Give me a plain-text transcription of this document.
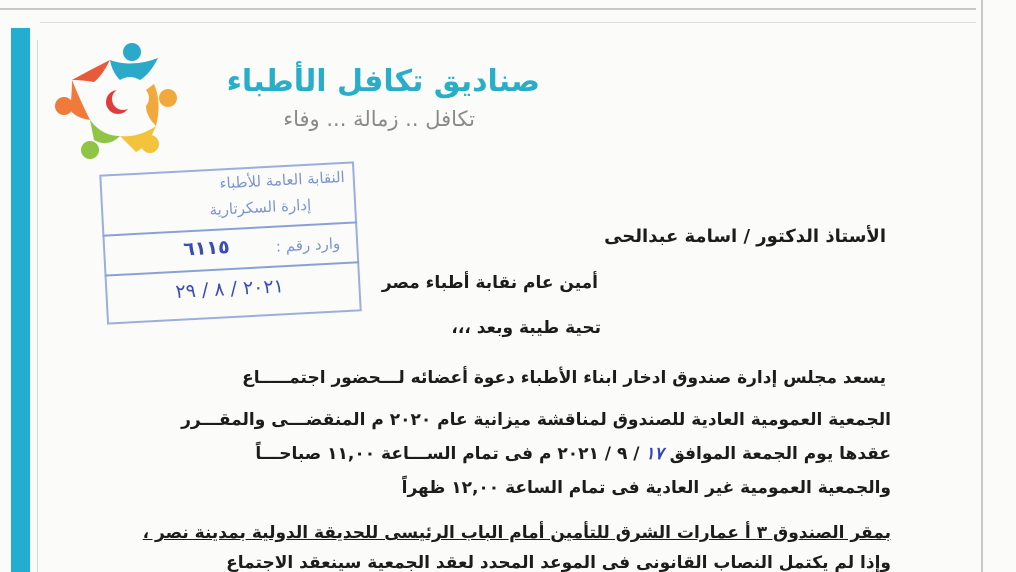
صناديق تكافل الأطباء
تكافل .. زمالة ... وفاء
النقابة العامة للأطباء
إدارة السكرتارية
وارد رقم :
٦١١٥
٢٠٢١ / ٨ / ٢٩
الأستاذ الدكتور / اسامة عبدالحى
أمين عام نقابة أطباء مصر
تحية طيبة وبعد ،،،
يسعد مجلس إدارة صندوق ادخار ابناء الأطباء دعوة أعضائه لـــحضور اجتمـــــاع
الجمعية العمومية العادية للصندوق لمناقشة ميزانية عام ٢٠٢٠ م المنقضـــى والمقـــرر
عقدها يوم الجمعة الموافق ١٧ / ٩ / ٢٠٢١ م فى تمام الســـاعة ١١,٠٠ صباحـــاً
والجمعية العمومية غير العادية فى تمام الساعة ١٢,٠٠ ظهراً
بمقر الصندوق ٣ أ عمارات الشرق للتأمين أمام الباب الرئيسى للحديقة الدولية بمدينة نصر ،
وإذا لم يكتمل النصاب القانونى فى الموعد المحدد لعقد الجمعية سينعقد الاجتماع
